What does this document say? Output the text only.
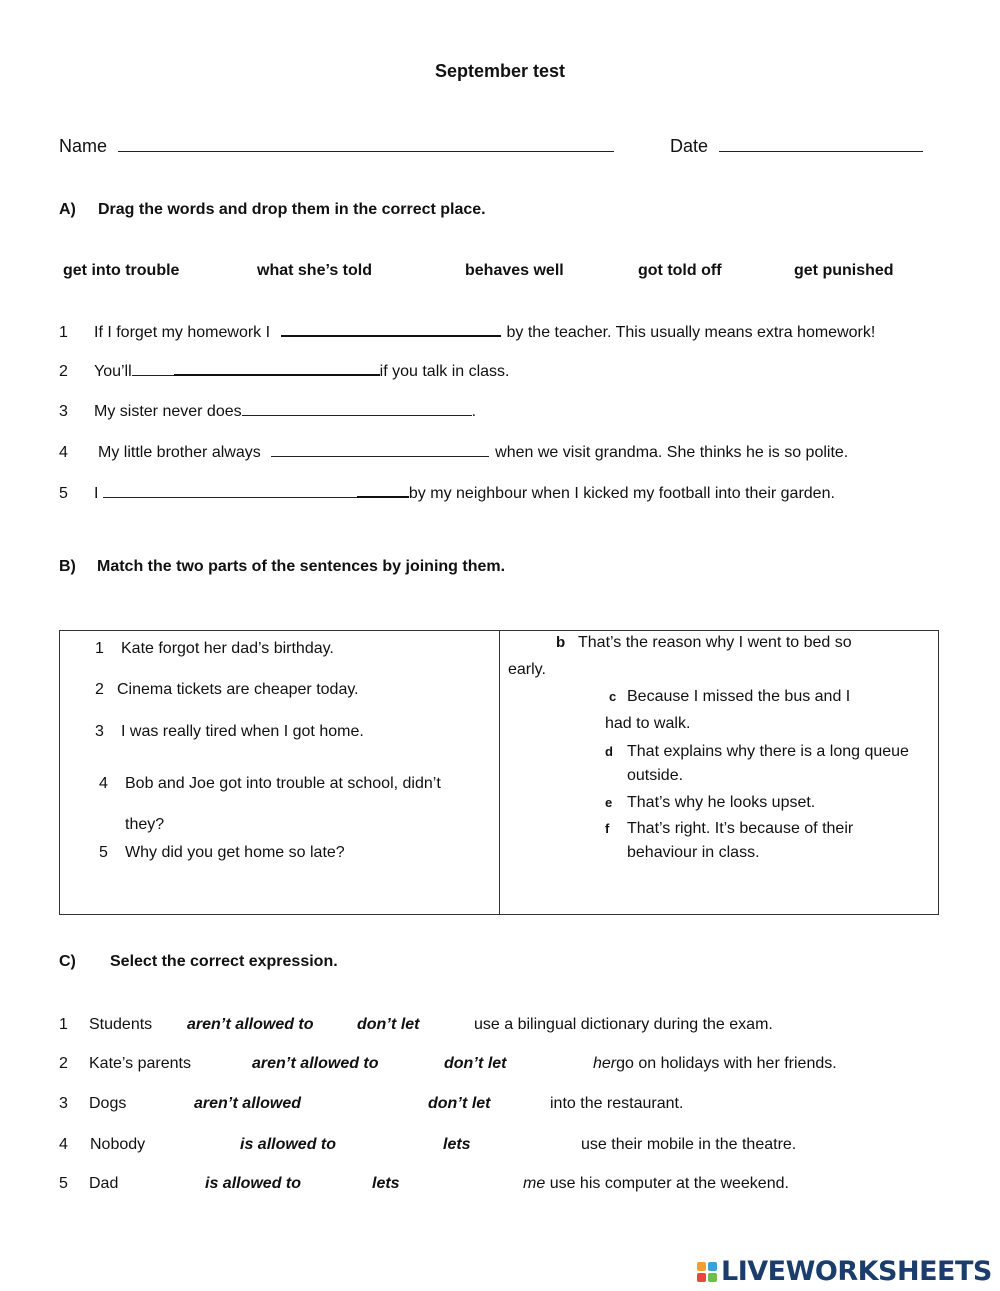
September test
Name	Date
A) Drag the words and drop them in the correct place.
get into trouble	what she’s told	behaves well	got told off	get punished
1 If I forget my homework I	by the teacher. This usually means extra homework!
2 You’ll	if you talk in class.
3 My sister never does	.
4 My little brother always	when we visit grandma. She thinks he is so polite.
5 I	by my neighbour when I kicked my football into their garden.
B) Match the two parts of the sentences by joining them.
1 Kate forgot her dad’s birthday.
2 Cinema tickets are cheaper today.
3 I was really tired when I got home.
4 Bob and Joe got into trouble at school, didn’t
they?
5 Why did you get home so late?
b That’s the reason why I went to bed so
early.
c Because I missed the bus and I
had to walk.
d That explains why there is a long queue
outside.
e That’s why he looks upset.
f That’s right. It’s because of their
behaviour in class.
C) Select the correct expression.
1 Students aren’t allowed to	don’t let	use a bilingual dictionary during the exam.
2 Kate’s parents	aren’t allowed to	don’t let	hergo on holidays with her friends.
3 Dogs	aren’t allowed	don’t let	into the restaurant.
4 Nobody	is allowed to	lets	use their mobile in the theatre.
5 Dad	is allowed to	lets	me use his computer at the weekend.
LIVEWORKSHEETS
